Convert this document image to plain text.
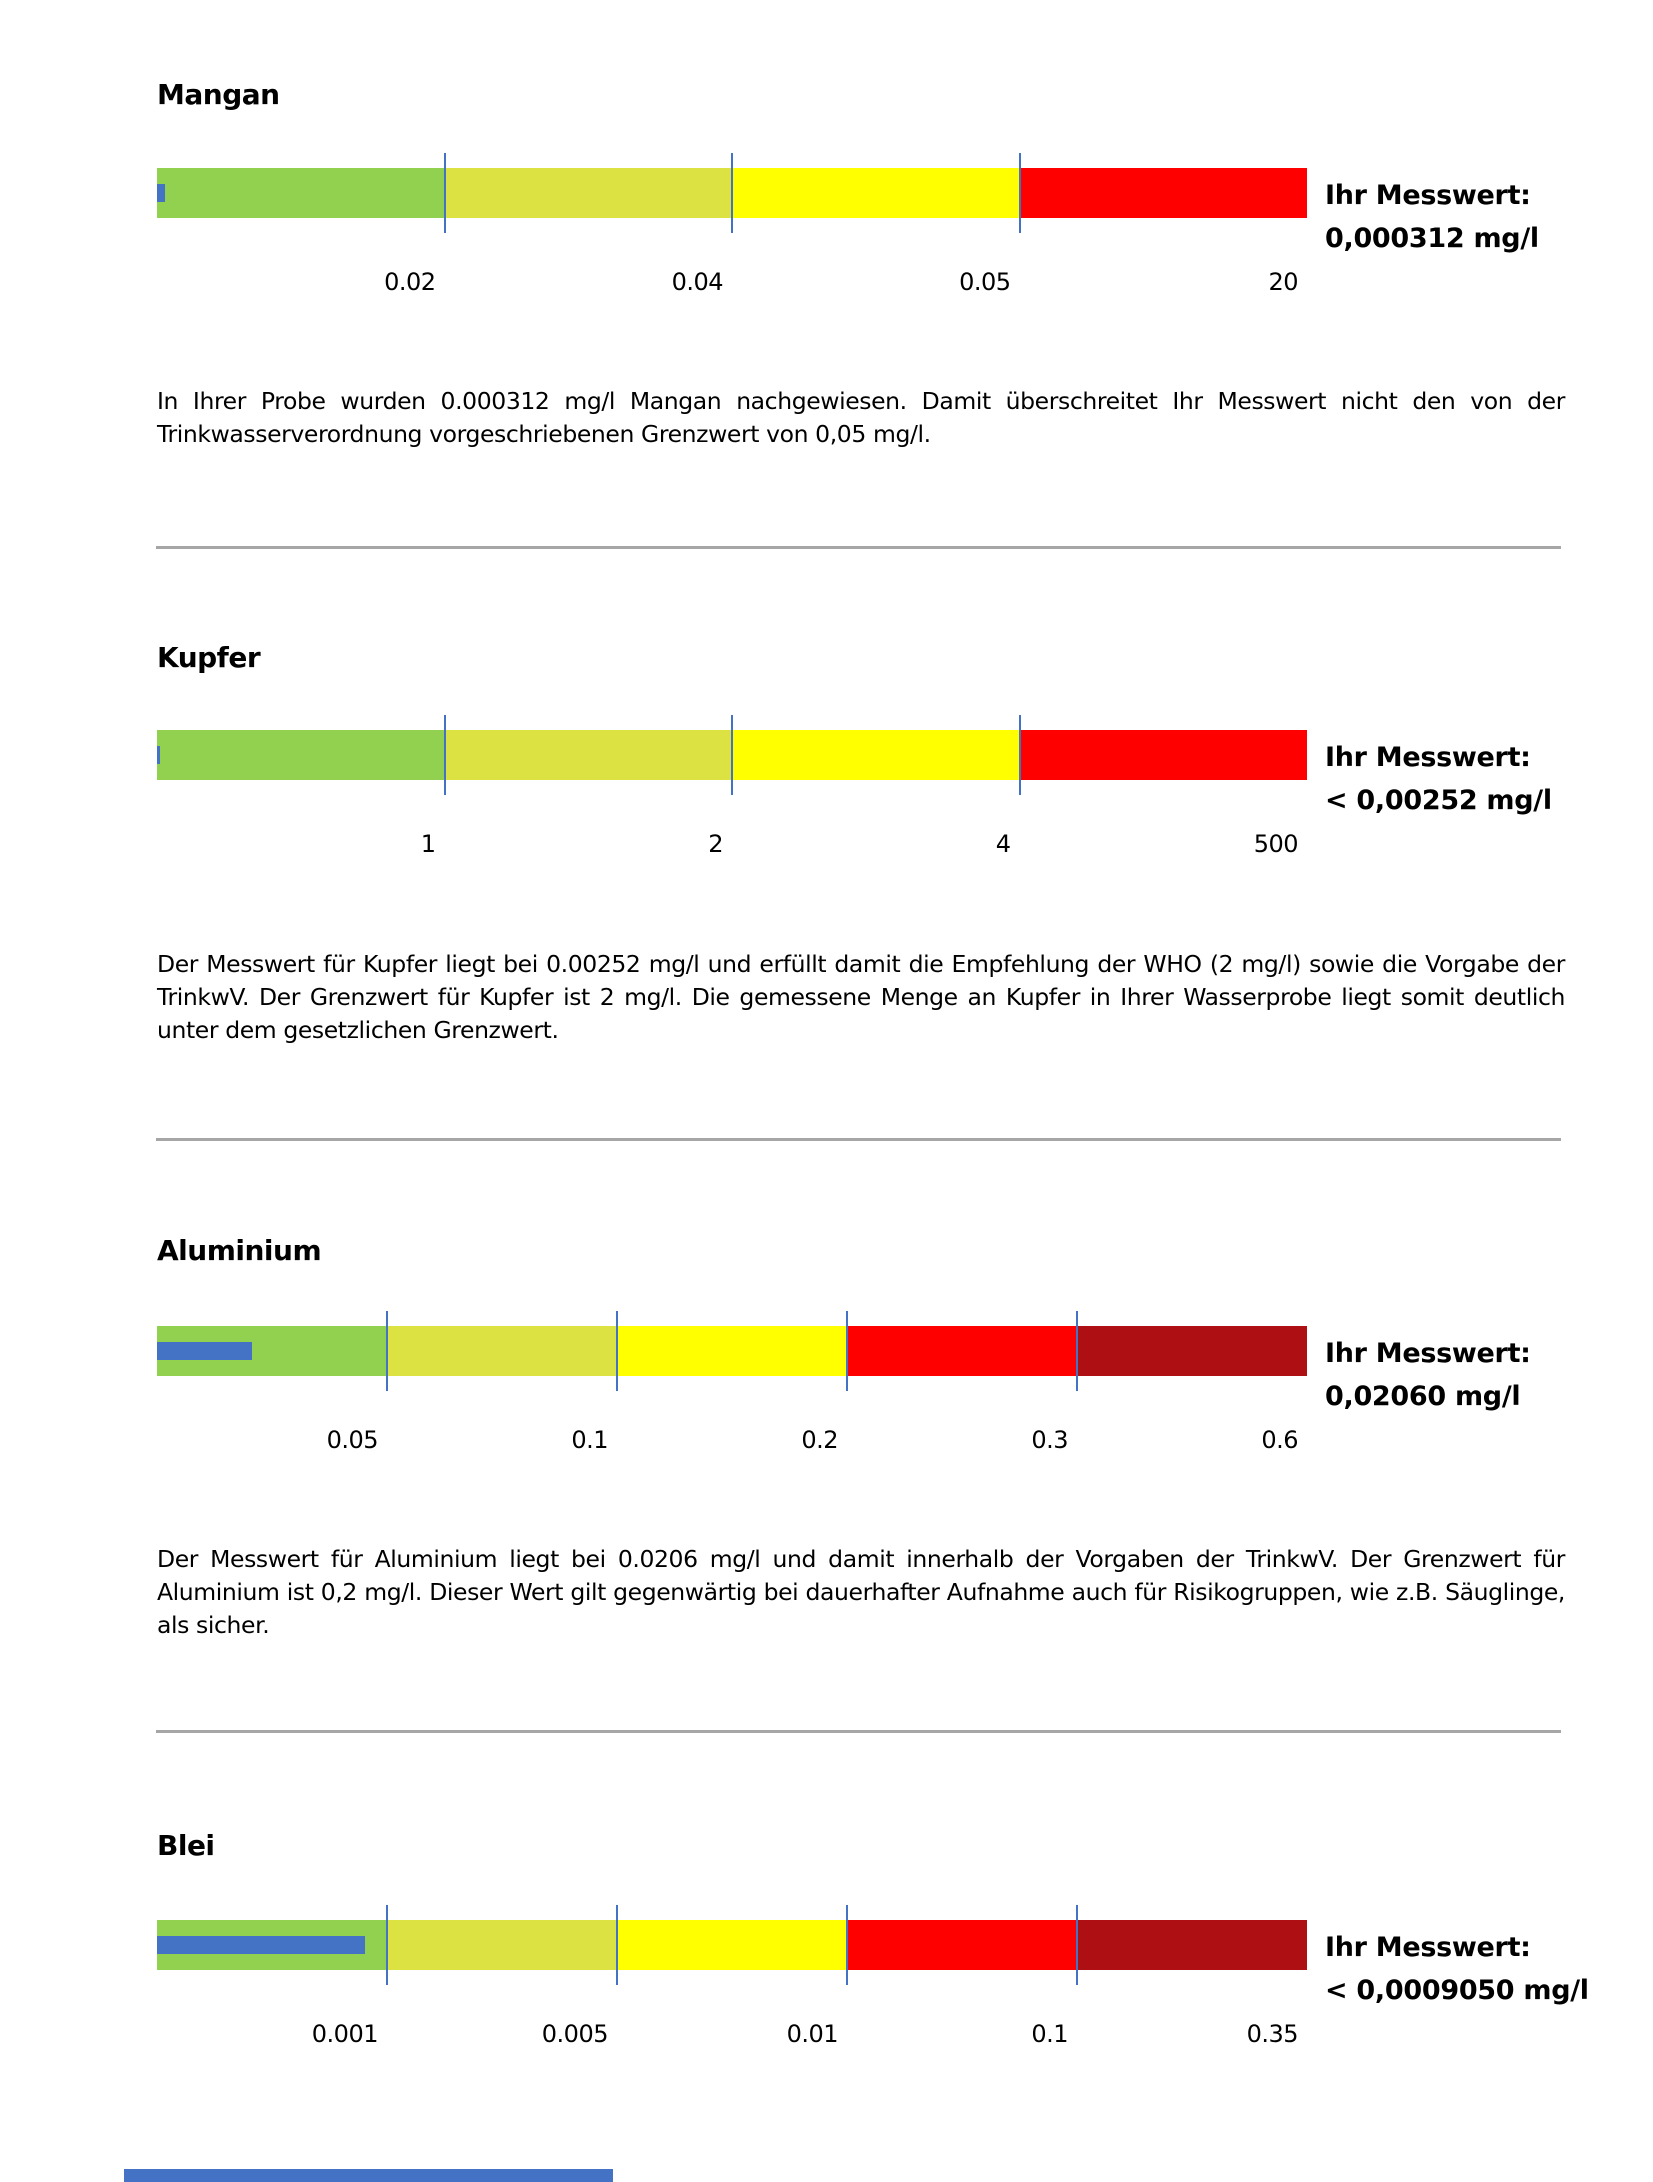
Mangan
0.02	0.04	0.05	20
Ihr Messwert:
0,000312 mg/l
In Ihrer Probe wurden 0.000312 mg/l Mangan nachgewiesen. Damit überschreitet Ihr Messwert nicht den von der
Trinkwasserverordnung vorgeschriebenen Grenzwert von 0,05 mg/l.
Kupfer
1	2	4	500
Ihr Messwert:
< 0,00252 mg/l
Der Messwert für Kupfer liegt bei 0.00252 mg/l und erfüllt damit die Empfehlung der WHO (2 mg/l) sowie die Vorgabe der
TrinkwV. Der Grenzwert für Kupfer ist 2 mg/l. Die gemessene Menge an Kupfer in Ihrer Wasserprobe liegt somit deutlich
unter dem gesetzlichen Grenzwert.
Aluminium
0.05	0.1	0.2	0.3	0.6
Ihr Messwert:
0,02060 mg/l
Der Messwert für Aluminium liegt bei 0.0206 mg/l und damit innerhalb der Vorgaben der TrinkwV. Der Grenzwert für
Aluminium ist 0,2 mg/l. Dieser Wert gilt gegenwärtig bei dauerhafter Aufnahme auch für Risikogruppen, wie z.B. Säuglinge,
als sicher.
Blei
0.001	0.005	0.01	0.1	0.35
Ihr Messwert:
< 0,0009050 mg/l
